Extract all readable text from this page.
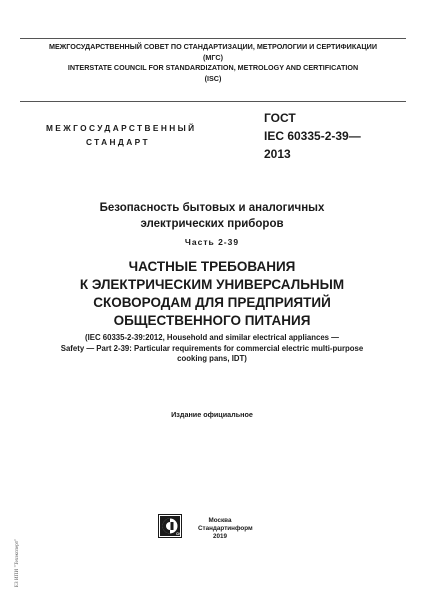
МЕЖГОСУДАРСТВЕННЫЙ СОВЕТ ПО СТАНДАРТИЗАЦИИ, МЕТРОЛОГИИ И СЕРТИФИКАЦИИ
(МГС)
INTERSTATE COUNCIL FOR STANDARDIZATION, METROLOGY AND CERTIFICATION
(ISC)
МЕЖГОСУДАРСТВЕННЫЙ
СТАНДАРТ
ГОСТ
IEC 60335-2-39—
2013
Безопасность бытовых и аналогичных
электрических приборов
Часть 2-39
ЧАСТНЫЕ ТРЕБОВАНИЯ
К ЭЛЕКТРИЧЕСКИМ УНИВЕРСАЛЬНЫМ
СКОВОРОДАМ ДЛЯ ПРЕДПРИЯТИЙ
ОБЩЕСТВЕННОГО ПИТАНИЯ
(IEC 60335-2-39:2012, Household and similar electrical appliances —
Safety — Part 2-39: Particular requirements for commercial electric multi-purpose
cooking pans, IDT)
Издание официальное
СИ
Москва
Стандартинформ
2019
ЕЗ ИПИ "Техэксперт"
